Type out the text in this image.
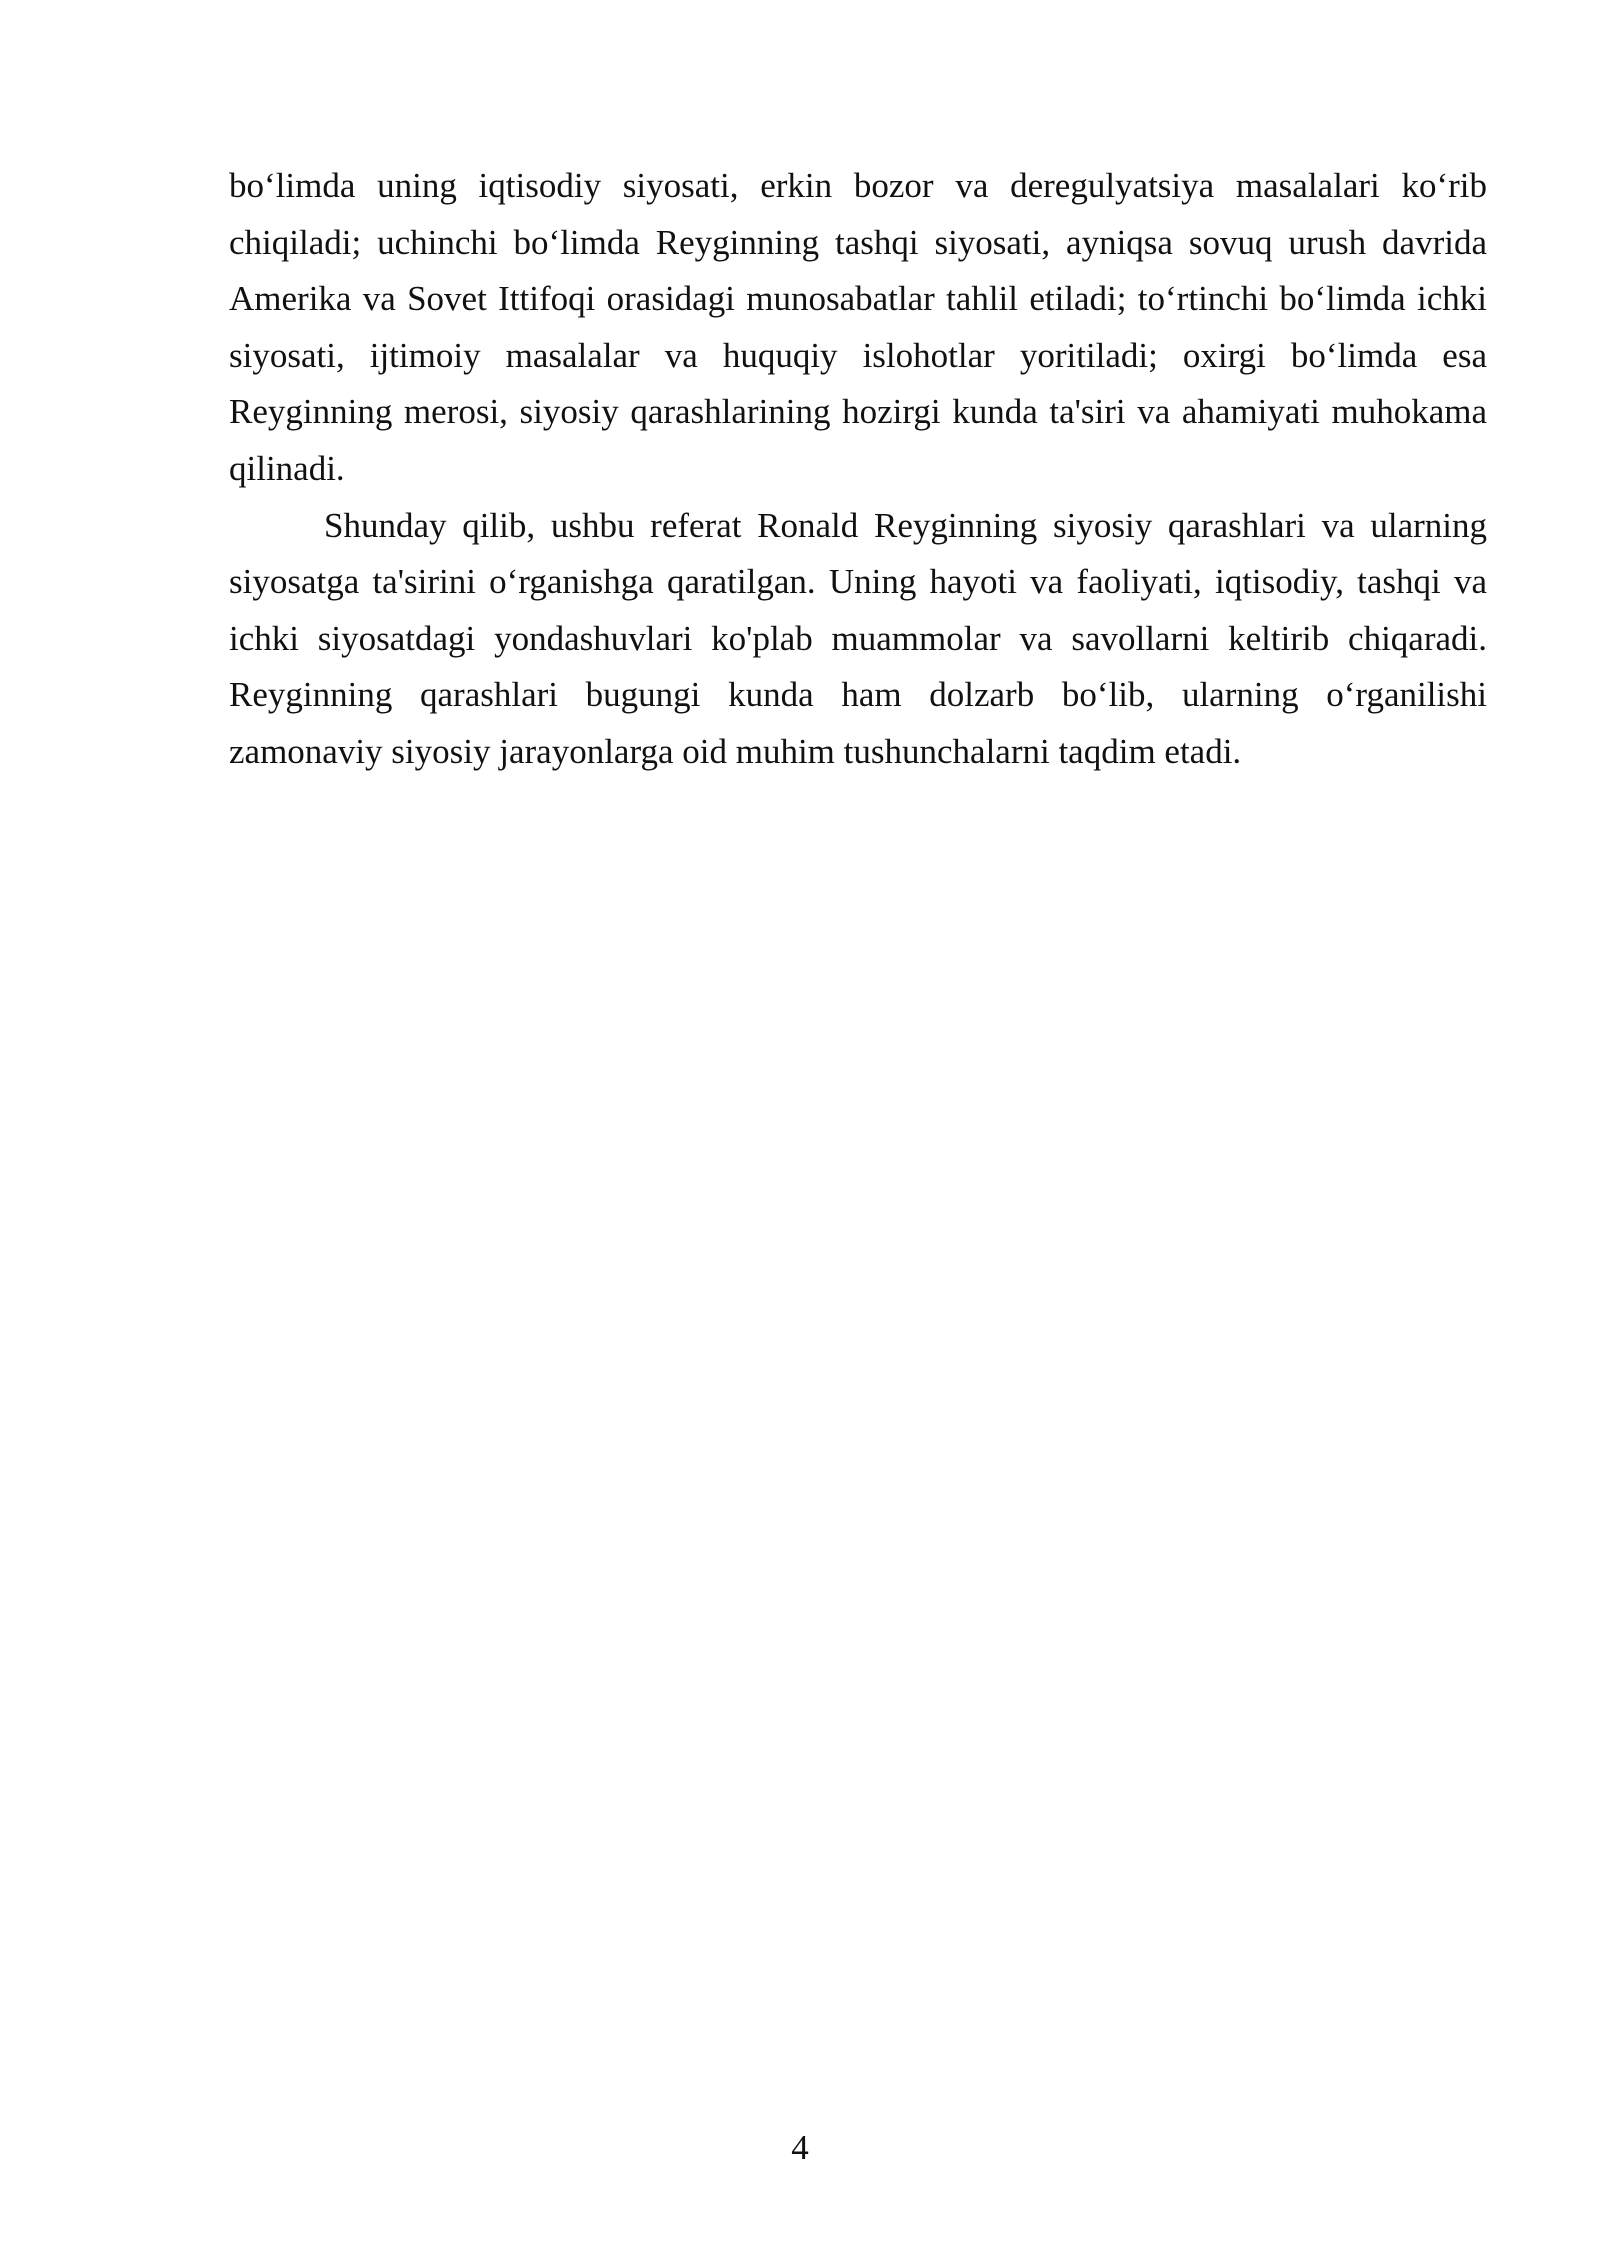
bo‘limda uning iqtisodiy siyosati, erkin bozor va deregulyatsiya masalalari ko‘rib chiqiladi; uchinchi bo‘limda Reyginning tashqi siyosati, ayniqsa sovuq urush davrida Amerika va Sovet Ittifoqi orasidagi munosabatlar tahlil etiladi; to‘rtinchi bo‘limda ichki siyosati, ijtimoiy masalalar va huquqiy islohotlar yoritiladi; oxirgi bo‘limda esa Reyginning merosi, siyosiy qarashlarining hozirgi kunda ta'siri va ahamiyati muhokama qilinadi.

Shunday qilib, ushbu referat Ronald Reyginning siyosiy qarashlari va ularning siyosatga ta'sirini o‘rganishga qaratilgan. Uning hayoti va faoliyati, iqtisodiy, tashqi va ichki siyosatdagi yondashuvlari ko'plab muammolar va savollarni keltirib chiqaradi. Reyginning qarashlari bugungi kunda ham dolzarb bo‘lib, ularning o‘rganilishi zamonaviy siyosiy jarayonlarga oid muhim tushunchalarni taqdim etadi.

4
